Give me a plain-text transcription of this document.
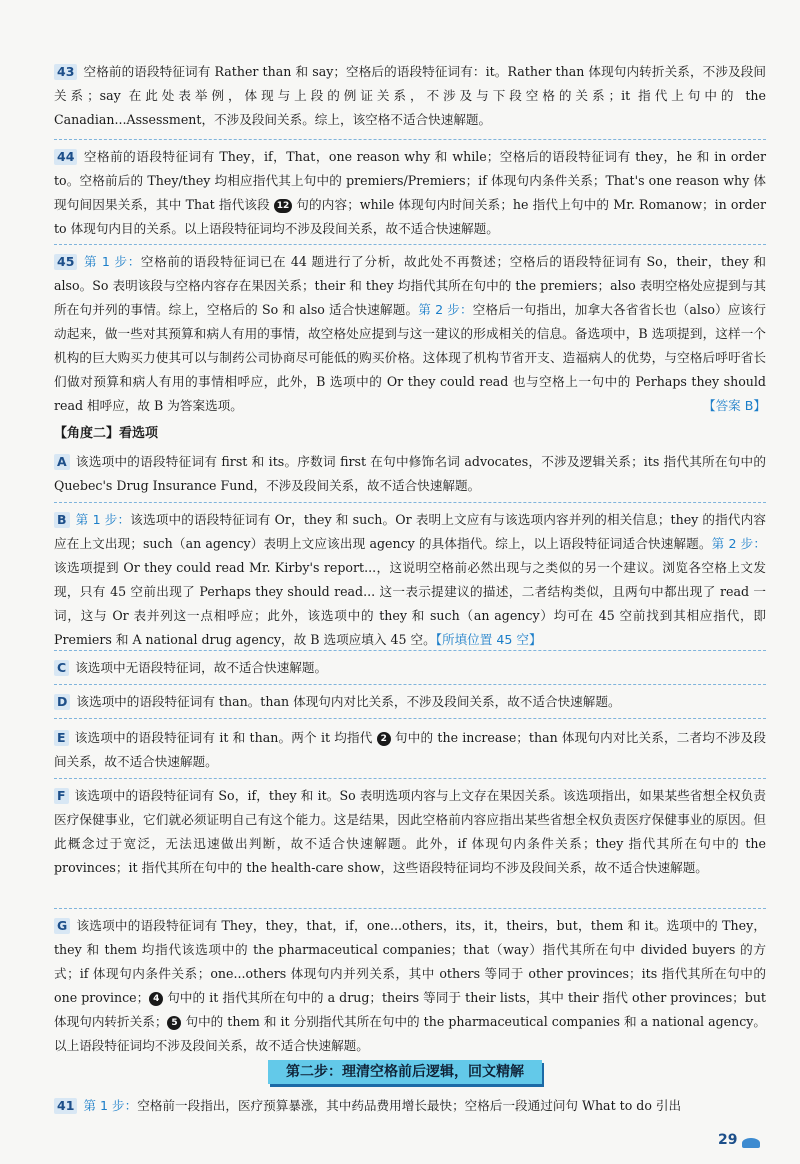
43 空格前的语段特征词有 Rather than 和 say；空格后的语段特征词有：it。Rather than 体现句内转折关系，不涉及段间关系；say 在此处表举例，体现与上段的例证关系，不涉及与下段空格的关系；it 指代上句中的 the Canadian...Assessment，不涉及段间关系。综上，该空格不适合快速解题。
44 空格前的语段特征词有 They，if，That，one reason why 和 while；空格后的语段特征词有 they，he 和 in order to。空格前后的 They/they 均相应指代其上句中的 premiers/Premiers；if 体现句内条件关系；That's one reason why 体现句间因果关系，其中 That 指代该段 12 句的内容；while 体现句内时间关系；he 指代上句中的 Mr. Romanow；in order to 体现句内目的关系。以上语段特征词均不涉及段间关系，故不适合快速解题。
45 第 1 步：空格前的语段特征词已在 44 题进行了分析，故此处不再赘述；空格后的语段特征词有 So，their，they 和 also。So 表明该段与空格内容存在果因关系；their 和 they 均指代其所在句中的 the premiers；also 表明空格处应提到与其所在句并列的事情。综上，空格后的 So 和 also 适合快速解题。第 2 步：空格后一句指出，加拿大各省省长也（also）应该行动起来，做一些对其预算和病人有用的事情，故空格处应提到与这一建议的形成相关的信息。备选项中，B 选项提到，这样一个机构的巨大购买力使其可以与制药公司协商尽可能低的购买价格。这体现了机构节省开支、造福病人的优势，与空格后呼吁省长们做对预算和病人有用的事情相呼应，此外，B 选项中的 Or they could read 也与空格上一句中的 Perhaps they should read 相呼应，故 B 为答案选项。	【答案 B】
【角度二】看选项
A 该选项中的语段特征词有 first 和 its。序数词 first 在句中修饰名词 advocates，不涉及逻辑关系；its 指代其所在句中的 Quebec's Drug Insurance Fund，不涉及段间关系，故不适合快速解题。
B 第 1 步：该选项中的语段特征词有 Or，they 和 such。Or 表明上文应有与该选项内容并列的相关信息；they 的指代内容应在上文出现；such（an agency）表明上文应该出现 agency 的具体指代。综上，以上语段特征词适合快速解题。第 2 步：该选项提到 Or they could read Mr. Kirby's report...，这说明空格前必然出现与之类似的另一个建议。浏览各空格上文发现，只有 45 空前出现了 Perhaps they should read... 这一表示提建议的描述，二者结构类似，且两句中都出现了 read 一词，这与 Or 表并列这一点相呼应；此外，该选项中的 they 和 such（an agency）均可在 45 空前找到其相应指代，即 Premiers 和 A national drug agency，故 B 选项应填入 45 空。【所填位置 45 空】
C 该选项中无语段特征词，故不适合快速解题。
D 该选项中的语段特征词有 than。than 体现句内对比关系，不涉及段间关系，故不适合快速解题。
E 该选项中的语段特征词有 it 和 than。两个 it 均指代 2 句中的 the increase；than 体现句内对比关系，二者均不涉及段间关系，故不适合快速解题。
F 该选项中的语段特征词有 So，if，they 和 it。So 表明选项内容与上文存在果因关系。该选项指出，如果某些省想全权负责医疗保健事业，它们就必须证明自己有这个能力。这是结果，因此空格前内容应指出某些省想全权负责医疗保健事业的原因。但此概念过于宽泛，无法迅速做出判断，故不适合快速解题。此外，if 体现句内条件关系；they 指代其所在句中的 the provinces；it 指代其所在句中的 the health-care show，这些语段特征词均不涉及段间关系，故不适合快速解题。
G 该选项中的语段特征词有 They，they，that，if，one...others，its，it，theirs，but，them 和 it。选项中的 They，they 和 them 均指代该选项中的 the pharmaceutical companies；that（way）指代其所在句中 divided buyers 的方式；if 体现句内条件关系；one...others 体现句内并列关系，其中 others 等同于 other provinces；its 指代其所在句中的 one province； 4 句中的 it 指代其所在句中的 a drug；theirs 等同于 their lists，其中 their 指代 other provinces；but 体现句内转折关系； 5 句中的 them 和 it 分别指代其所在句中的 the pharmaceutical companies 和 a national agency。以上语段特征词均不涉及段间关系，故不适合快速解题。
第二步：理清空格前后逻辑，回文精解
41 第 1 步：空格前一段指出，医疗预算暴涨，其中药品费用增长最快；空格后一段通过问句 What to do 引出
29
